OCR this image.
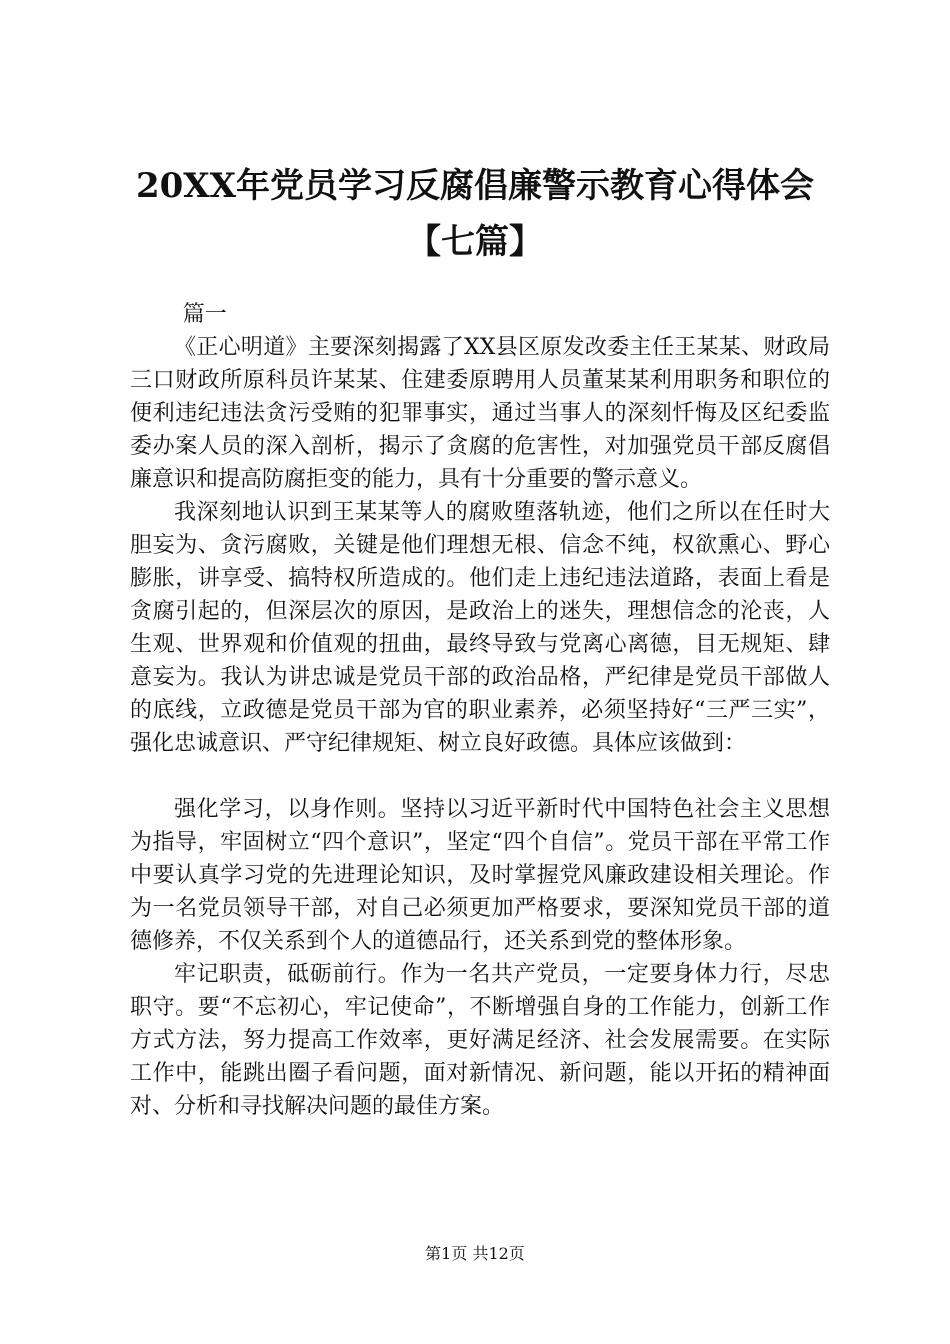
20XX年党员学习反腐倡廉警示教育心得体会
【七篇】

篇一

《正心明道》主要深刻揭露了XX县区原发改委主任王某某、财政局三口财政所原科员许某某、住建委原聘用人员董某某利用职务和职位的便利违纪违法贪污受贿的犯罪事实，通过当事人的深刻忏悔及区纪委监委办案人员的深入剖析，揭示了贪腐的危害性，对加强党员干部反腐倡廉意识和提高防腐拒变的能力，具有十分重要的警示意义。

我深刻地认识到王某某等人的腐败堕落轨迹，他们之所以在任时大胆妄为、贪污腐败，关键是他们理想无根、信念不纯，权欲熏心、野心膨胀，讲享受、搞特权所造成的。他们走上违纪违法道路，表面上看是贪腐引起的，但深层次的原因，是政治上的迷失，理想信念的沦丧，人生观、世界观和价值观的扭曲，最终导致与党离心离德，目无规矩、肆意妄为。我认为讲忠诚是党员干部的政治品格，严纪律是党员干部做人的底线，立政德是党员干部为官的职业素养，必须坚持好“三严三实”，强化忠诚意识、严守纪律规矩、树立良好政德。具体应该做到：

强化学习，以身作则。坚持以习近平新时代中国特色社会主义思想为指导，牢固树立“四个意识”，坚定“四个自信”。党员干部在平常工作中要认真学习党的先进理论知识，及时掌握党风廉政建设相关理论。作为一名党员领导干部，对自己必须更加严格要求，要深知党员干部的道德修养，不仅关系到个人的道德品行，还关系到党的整体形象。

牢记职责，砥砺前行。作为一名共产党员，一定要身体力行，尽忠职守。要“不忘初心，牢记使命”，不断增强自身的工作能力，创新工作方式方法，努力提高工作效率，更好满足经济、社会发展需要。在实际工作中，能跳出圈子看问题，面对新情况、新问题，能以开拓的精神面对、分析和寻找解决问题的最佳方案。

第1页 共12页
